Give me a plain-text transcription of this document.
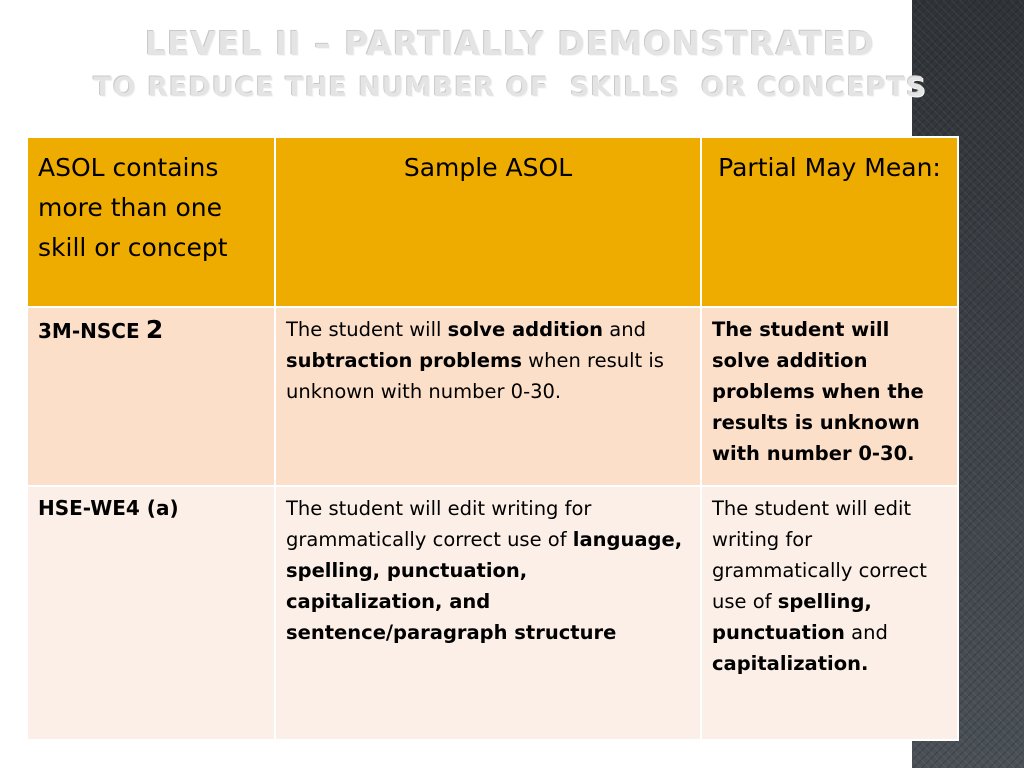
LEVEL II – PARTIALLY DEMONSTRATED
TO REDUCE THE NUMBER OF  SKILLS  OR CONCEPTS
ASOL contains more than one skill or concept	Sample ASOL	Partial May Mean:

3M-NSCE 2	The student will solve addition and subtraction problems when result is unknown with number 0-30.	The student will solve addition problems when the results is unknown with number 0-30.

HSE-WE4 (a)	The student will edit writing for grammatically correct use of language, spelling, punctuation, capitalization, and sentence/paragraph structure	The student will edit
writing for grammatically correct use of spelling, punctuation and capitalization.
